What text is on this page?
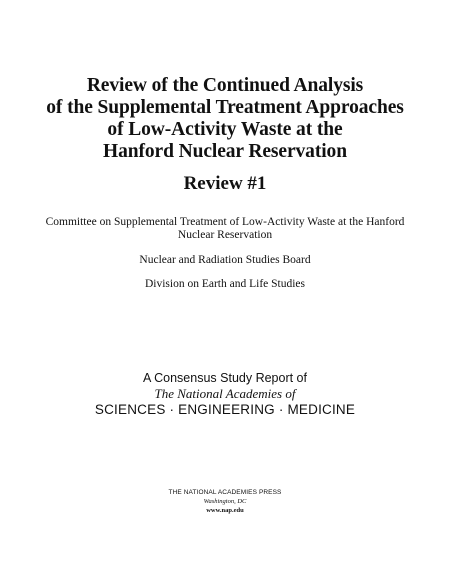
Review of the Continued Analysis
of the Supplemental Treatment Approaches
of Low-Activity Waste at the
Hanford Nuclear Reservation
Review #1
Committee on Supplemental Treatment of Low-Activity Waste at the Hanford
Nuclear Reservation
Nuclear and Radiation Studies Board
Division on Earth and Life Studies
A Consensus Study Report of
The National Academies of
SCIENCES · ENGINEERING · MEDICINE
THE NATIONAL ACADEMIES PRESS
Washington, DC
www.nap.edu
